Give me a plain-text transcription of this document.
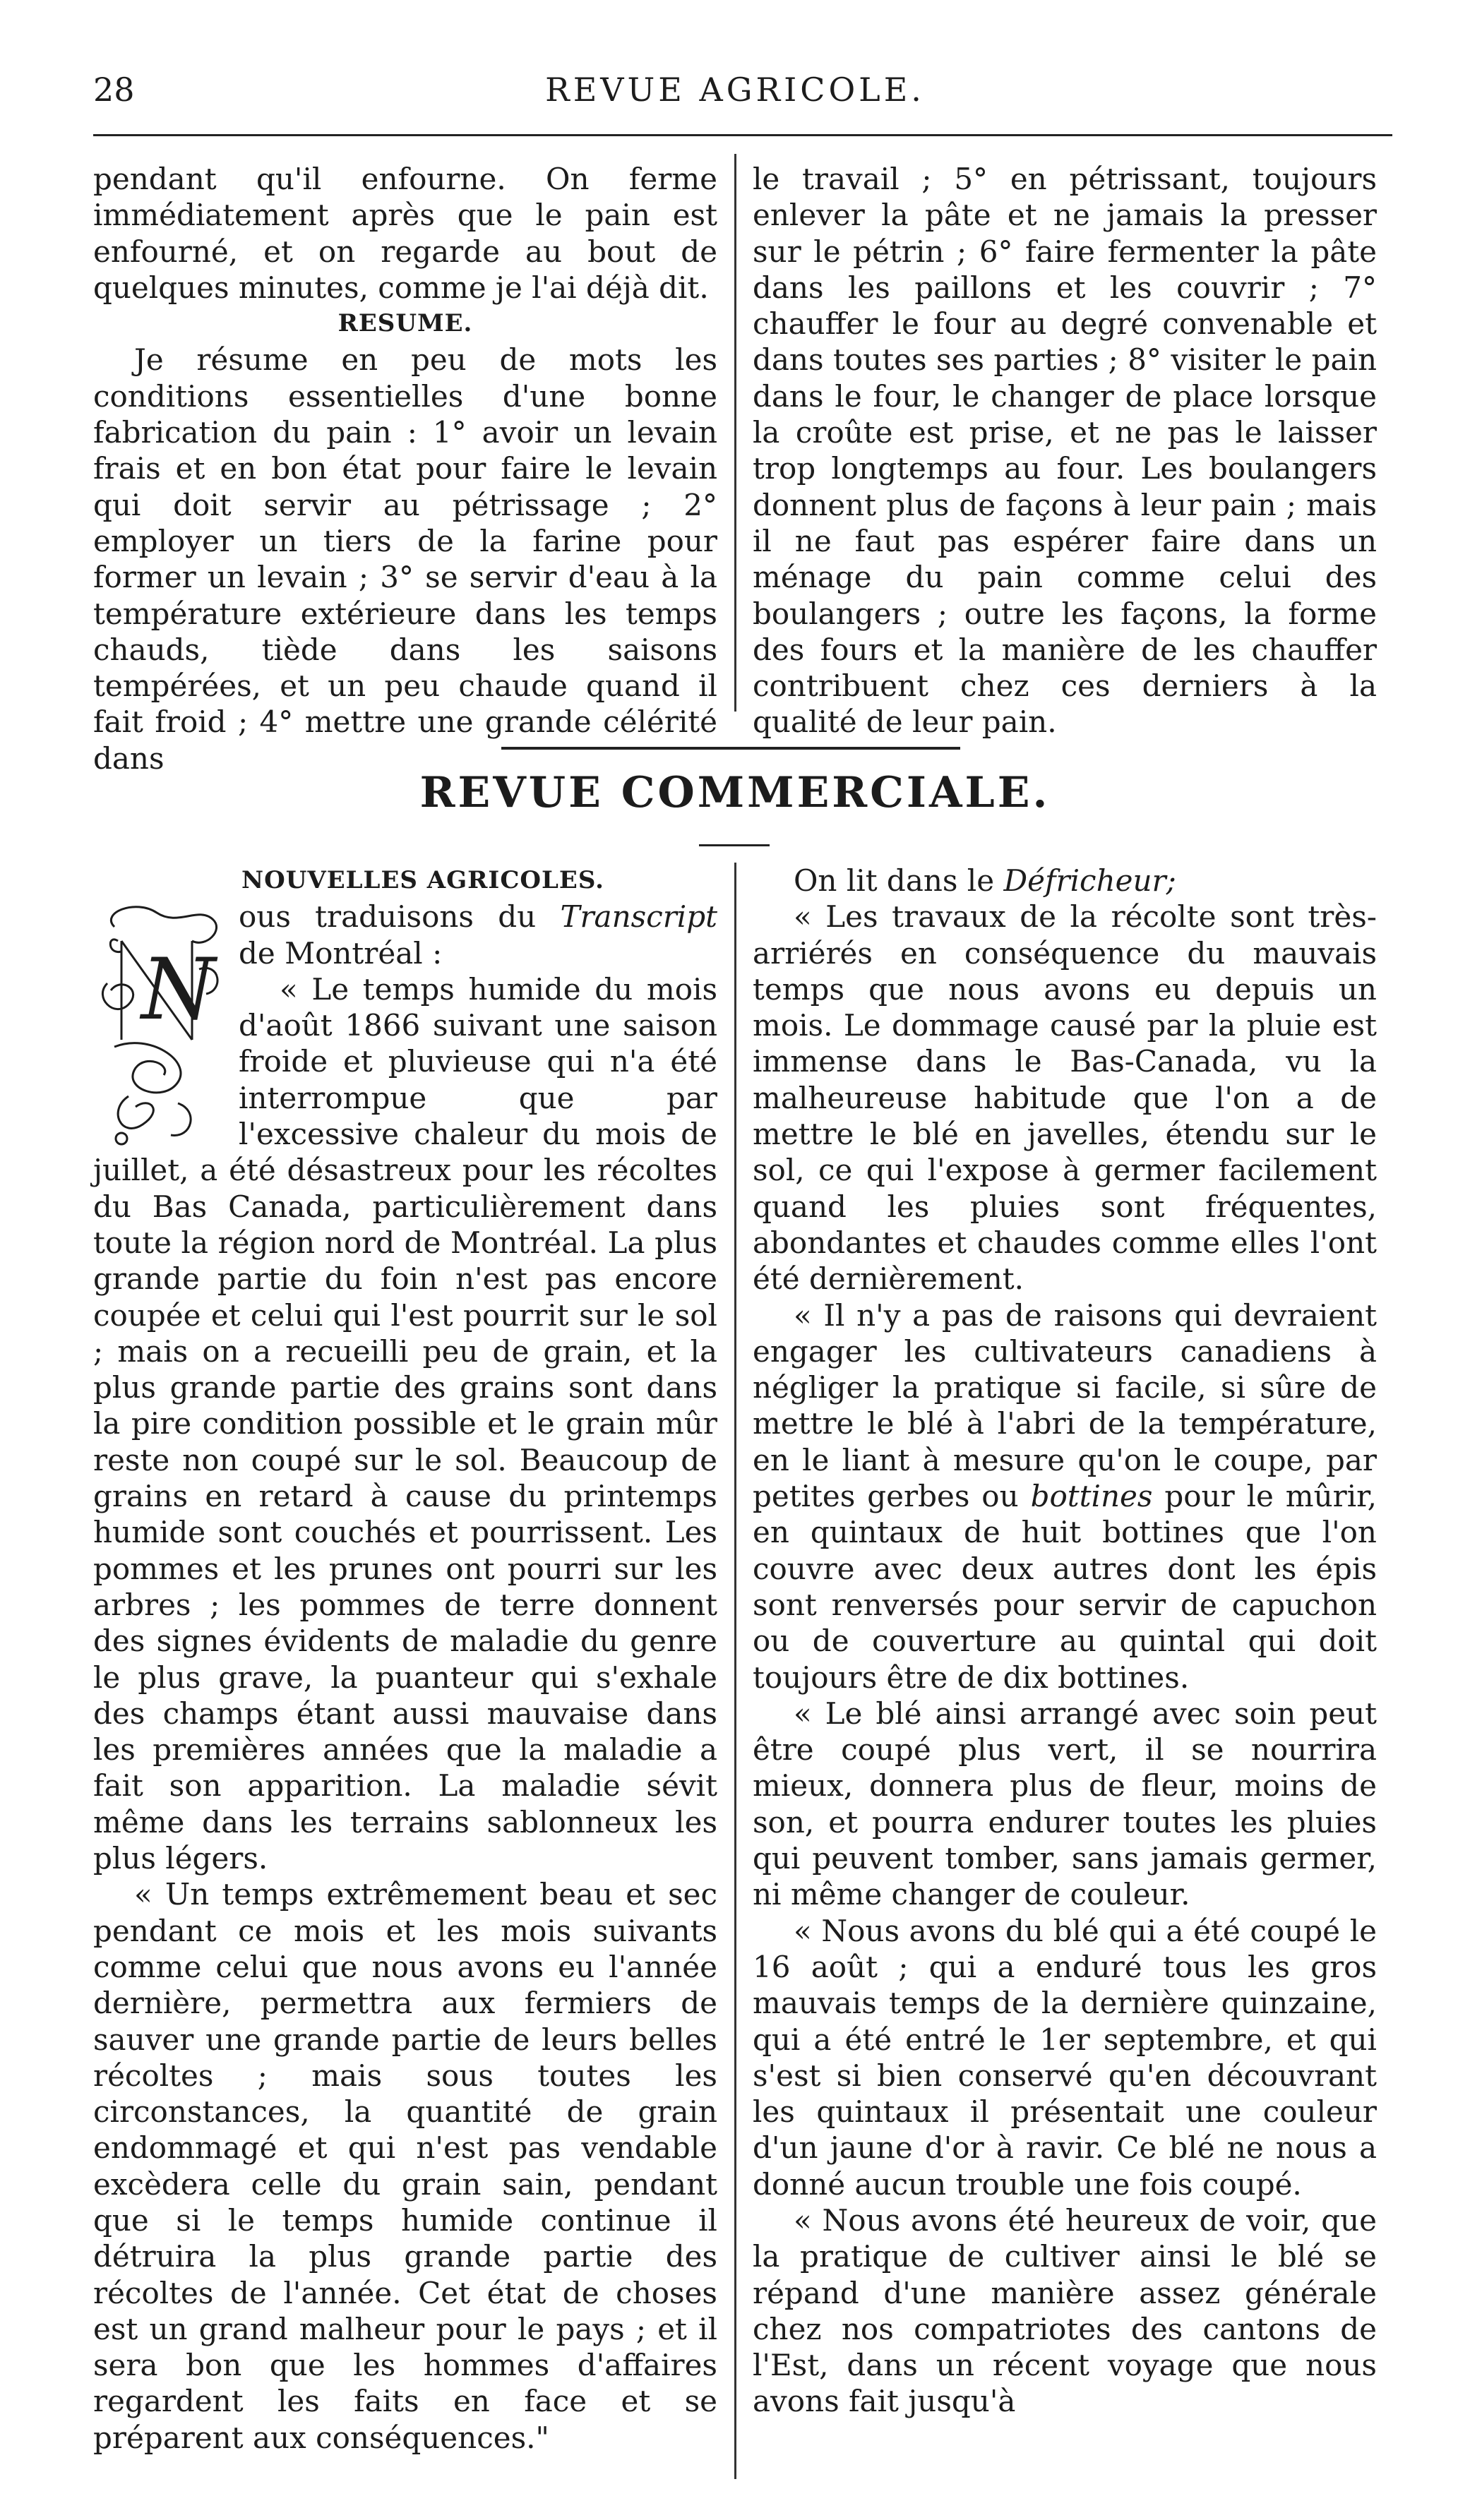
28	REVUE AGRICOLE.

pendant qu'il enfourne. On ferme immédiatement après que le pain est enfourné, et on regarde au bout de quelques minutes, comme je l'ai déjà dit.

RESUME.

Je résume en peu de mots les conditions essentielles d'une bonne fabrication du pain : 1° avoir un levain frais et en bon état pour faire le levain qui doit servir au pétrissage ; 2° employer un tiers de la farine pour former un levain ; 3° se servir d'eau à la température extérieure dans les temps chauds, tiède dans les saisons tempérées, et un peu chaude quand il fait froid ; 4° mettre une grande célérité dans

le travail ; 5° en pétrissant, toujours enlever la pâte et ne jamais la presser sur le pétrin ; 6° faire fermenter la pâte dans les paillons et les couvrir ; 7° chauffer le four au degré convenable et dans toutes ses parties ; 8° visiter le pain dans le four, le changer de place lorsque la croûte est prise, et ne pas le laisser trop longtemps au four. Les boulangers donnent plus de façons à leur pain ; mais il ne faut pas espérer faire dans un ménage du pain comme celui des boulangers ; outre les façons, la forme des fours et la manière de les chauffer contribuent chez ces derniers à la qualité de leur pain.

REVUE COMMERCIALE.
NOUVELLES AGRICOLES.
N

ous traduisons du Transcript de Montréal :

« Le temps humide du mois d'août 1866 suivant une saison froide et pluvieuse qui n'a été interrompue que par l'excessive chaleur du mois de juillet, a été désastreux pour les récoltes du Bas Canada, particulièrement dans toute la région nord de Montréal. La plus grande partie du foin n'est pas encore coupée et celui qui l'est pourrit sur le sol ; mais on a recueilli peu de grain, et la plus grande partie des grains sont dans la pire condition possible et le grain mûr reste non coupé sur le sol. Beaucoup de grains en retard à cause du printemps humide sont couchés et pourrissent. Les pommes et les prunes ont pourri sur les arbres ; les pommes de terre donnent des signes évidents de maladie du genre le plus grave, la puanteur qui s'exhale des champs étant aussi mauvaise dans les premières années que la maladie a fait son apparition. La maladie sévit même dans les terrains sablonneux les plus légers.

« Un temps extrêmement beau et sec pendant ce mois et les mois suivants comme celui que nous avons eu l'année dernière, permettra aux fermiers de sauver une grande partie de leurs belles récoltes ; mais sous toutes les circonstances, la quantité de grain endommagé et qui n'est pas vendable excèdera celle du grain sain, pendant que si le temps humide continue il détruira la plus grande partie des récoltes de l'année. Cet état de choses est un grand malheur pour le pays ; et il sera bon que les hommes d'affaires regardent les faits en face et se préparent aux conséquences."

On lit dans le Défricheur;

« Les travaux de la récolte sont très-arriérés en conséquence du mauvais temps que nous avons eu depuis un mois. Le dommage causé par la pluie est immense dans le Bas-Canada, vu la malheureuse habitude que l'on a de mettre le blé en javelles, étendu sur le sol, ce qui l'expose à germer facilement quand les pluies sont fréquentes, abondantes et chaudes comme elles l'ont été dernièrement.

« Il n'y a pas de raisons qui devraient engager les cultivateurs canadiens à négliger la pratique si facile, si sûre de mettre le blé à l'abri de la température, en le liant à mesure qu'on le coupe, par petites gerbes ou bottines pour le mûrir, en quintaux de huit bottines que l'on couvre avec deux autres dont les épis sont renversés pour servir de capuchon ou de couverture au quintal qui doit toujours être de dix bottines.

« Le blé ainsi arrangé avec soin peut être coupé plus vert, il se nourrira mieux, donnera plus de fleur, moins de son, et pourra endurer toutes les pluies qui peuvent tomber, sans jamais germer, ni même changer de couleur.

« Nous avons du blé qui a été coupé le 16 août ; qui a enduré tous les gros mauvais temps de la dernière quinzaine, qui a été entré le 1er septembre, et qui s'est si bien conservé qu'en découvrant les quintaux il présentait une couleur d'un jaune d'or à ravir. Ce blé ne nous a donné aucun trouble une fois coupé.

« Nous avons été heureux de voir, que la pratique de cultiver ainsi le blé se répand d'une manière assez générale chez nos compatriotes des cantons de l'Est, dans un récent voyage que nous avons fait jusqu'à
